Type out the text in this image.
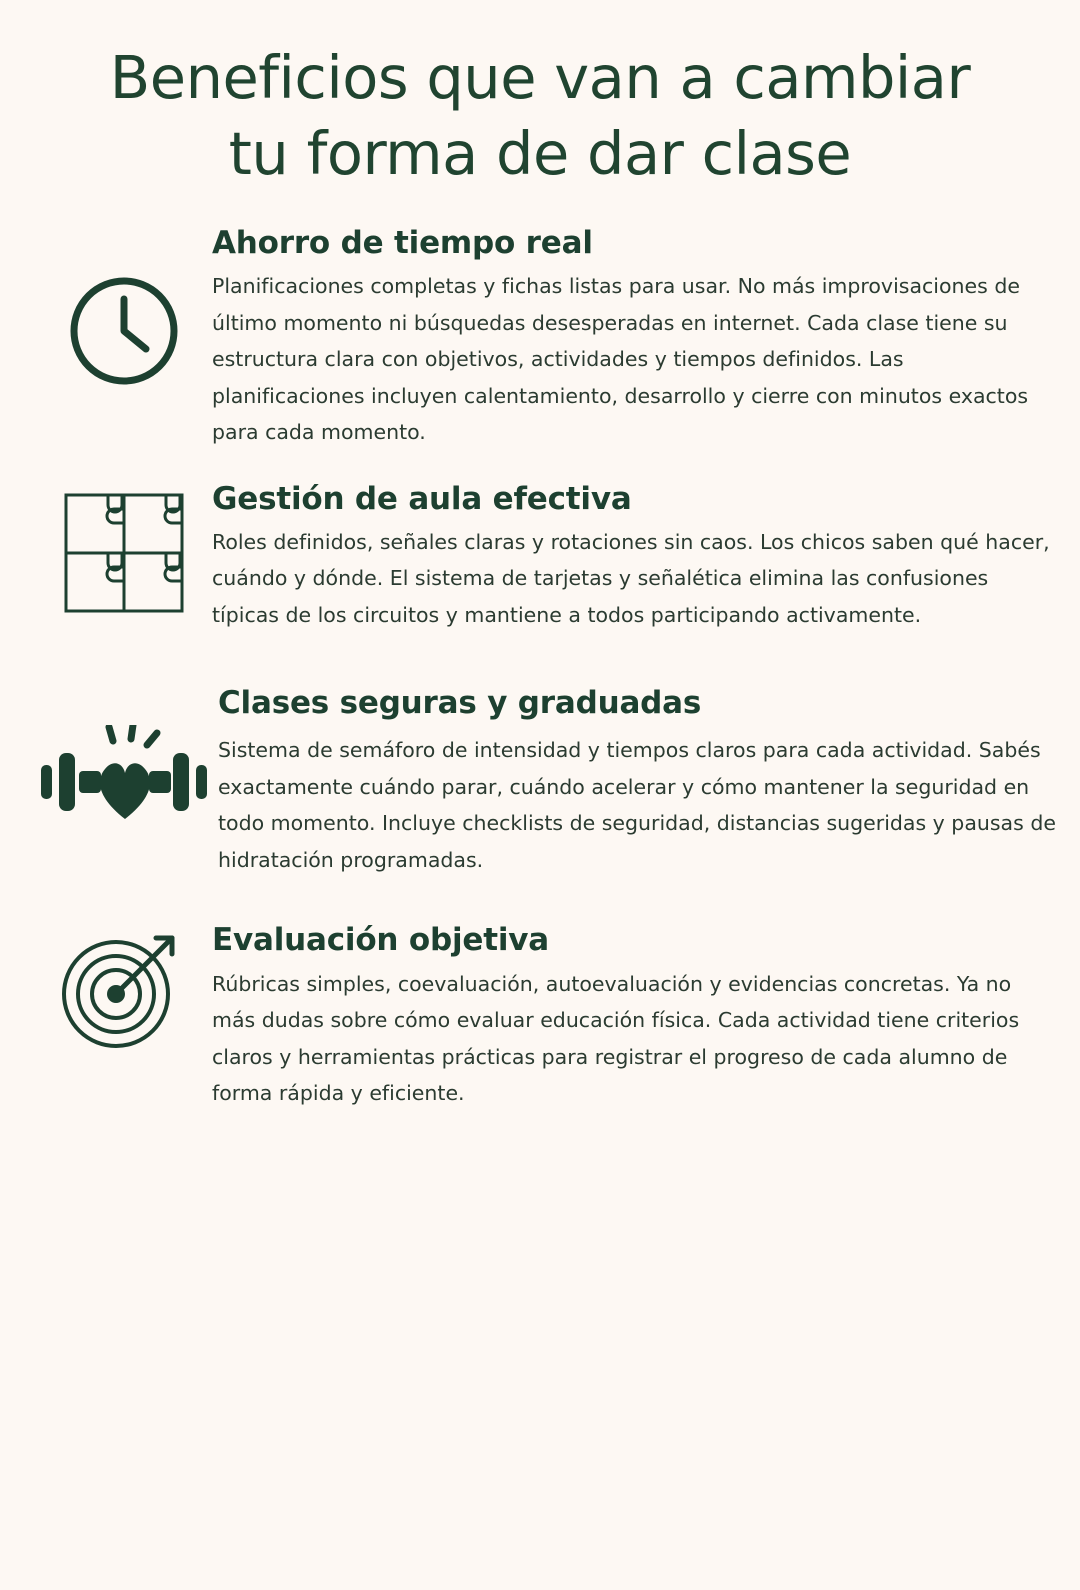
Beneficios que van a cambiar
tu forma de dar clase
Ahorro de tiempo real

Planificaciones completas y fichas listas para usar. No más improvisaciones de último momento ni búsquedas desesperadas en internet. Cada clase tiene su estructura clara con objetivos, actividades y tiempos definidos. Las planificaciones incluyen calentamiento, desarrollo y cierre con minutos exactos para cada momento.

Gestión de aula efectiva

Roles definidos, señales claras y rotaciones sin caos. Los chicos saben qué hacer, cuándo y dónde. El sistema de tarjetas y señalética elimina las confusiones típicas de los circuitos y mantiene a todos participando activamente.

Clases seguras y graduadas

Sistema de semáforo de intensidad y tiempos claros para cada actividad. Sabés exactamente cuándo parar, cuándo acelerar y cómo mantener la seguridad en todo momento. Incluye checklists de seguridad, distancias sugeridas y pausas de hidratación programadas.

Evaluación objetiva

Rúbricas simples, coevaluación, autoevaluación y evidencias concretas. Ya no más dudas sobre cómo evaluar educación física. Cada actividad tiene criterios claros y herramientas prácticas para registrar el progreso de cada alumno de forma rápida y eficiente.
